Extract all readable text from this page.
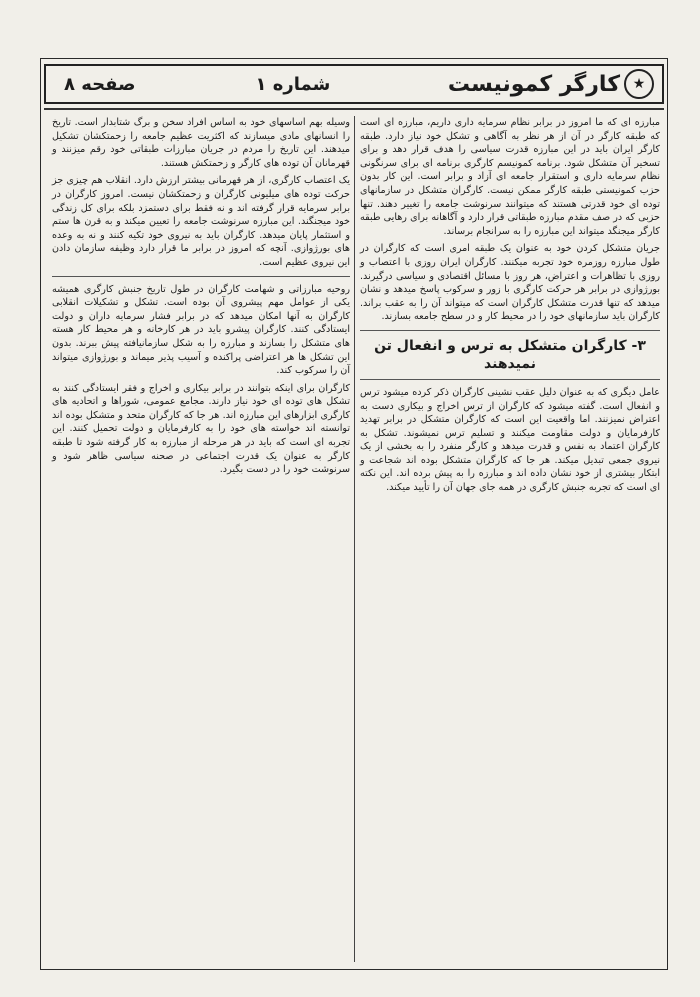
★
کارگر کمونیست
شماره ۱
صفحه ۸

مبارزه ای که ما امروز در برابر نظام سرمایه داری داریم، مبارزه ای است که طبقه کارگر در آن از هر نظر به آگاهی و تشکل خود نیاز دارد. طبقه کارگر ایران باید در این مبارزه قدرت سیاسی را هدف قرار دهد و برای تسخیر آن متشکل شود. برنامه کمونیسم کارگری برنامه ای برای سرنگونی نظام سرمایه داری و استقرار جامعه ای آزاد و برابر است. این کار بدون حزب کمونیستی طبقه کارگر ممکن نیست. کارگران متشکل در سازمانهای توده ای خود قدرتی هستند که میتوانند سرنوشت جامعه را تغییر دهند. تنها حزبی که در صف مقدم مبارزه طبقاتی قرار دارد و آگاهانه برای رهایی طبقه کارگر میجنگد میتواند این مبارزه را به سرانجام برساند.

جریان متشکل کردن خود به عنوان یک طبقه امری است که کارگران در طول مبارزه روزمره خود تجربه میکنند. کارگران ایران روزی با اعتصاب و روزی با تظاهرات و اعتراض، هر روز با مسائل اقتصادی و سیاسی درگیرند. بورژوازی در برابر هر حرکت کارگری با زور و سرکوب پاسخ میدهد و نشان میدهد که تنها قدرت متشکل کارگران است که میتواند آن را به عقب براند. کارگران باید سازمانهای خود را در محیط کار و در سطح جامعه بسازند.

۳- کارگران متشکل به ترس و انفعال تن نمیدهند

عامل دیگری که به عنوان دلیل عقب نشینی کارگران ذکر کرده میشود ترس و انفعال است. گفته میشود که کارگران از ترس اخراج و بیکاری دست به اعتراض نمیزنند. اما واقعیت این است که کارگران متشکل در برابر تهدید کارفرمایان و دولت مقاومت میکنند و تسلیم ترس نمیشوند. تشکل به کارگران اعتماد به نفس و قدرت میدهد و کارگر منفرد را به بخشی از یک نیروی جمعی تبدیل میکند. هر جا که کارگران متشکل بوده اند شجاعت و ابتکار بیشتری از خود نشان داده اند و مبارزه را به پیش برده اند. این نکته ای است که تجربه جنبش کارگری در همه جای جهان آن را تأیید میکند.

وسیله بهم اساسهای خود به اساس افراد سخن و برگ شتابدار است. تاریخ را انسانهای مادی میسازند که اکثریت عظیم جامعه را زحمتکشان تشکیل میدهند. این تاریخ را مردم در جریان مبارزات طبقاتی خود رقم میزنند و قهرمانان آن توده های کارگر و زحمتکش هستند.

یک اعتصاب کارگری، از هر قهرمانی بیشتر ارزش دارد. انقلاب هم چیزی جز حرکت توده های میلیونی کارگران و زحمتکشان نیست. امروز کارگران در برابر سرمایه قرار گرفته اند و نه فقط برای دستمزد بلکه برای کل زندگی خود میجنگند. این مبارزه سرنوشت جامعه را تعیین میکند و به قرن ها ستم و استثمار پایان میدهد. کارگران باید به نیروی خود تکیه کنند و نه به وعده های بورژوازی. آنچه که امروز در برابر ما قرار دارد وظیفه سازمان دادن این نیروی عظیم است.

روحیه مبارزاتی و شهامت کارگران در طول تاریخ جنبش کارگری همیشه یکی از عوامل مهم پیشروی آن بوده است. تشکل و تشکیلات انقلابی کارگران به آنها امکان میدهد که در برابر فشار سرمایه داران و دولت ایستادگی کنند. کارگران پیشرو باید در هر کارخانه و هر محیط کار هسته های متشکل را بسازند و مبارزه را به شکل سازمانیافته پیش ببرند. بدون این تشکل ها هر اعتراضی پراکنده و آسیب پذیر میماند و بورژوازی میتواند آن را سرکوب کند.

کارگران برای اینکه بتوانند در برابر بیکاری و اخراج و فقر ایستادگی کنند به تشکل های توده ای خود نیاز دارند. مجامع عمومی، شوراها و اتحادیه های کارگری ابزارهای این مبارزه اند. هر جا که کارگران متحد و متشکل بوده اند توانسته اند خواسته های خود را به کارفرمایان و دولت تحمیل کنند. این تجربه ای است که باید در هر مرحله از مبارزه به کار گرفته شود تا طبقه کارگر به عنوان یک قدرت اجتماعی در صحنه سیاسی ظاهر شود و سرنوشت خود را در دست بگیرد.
